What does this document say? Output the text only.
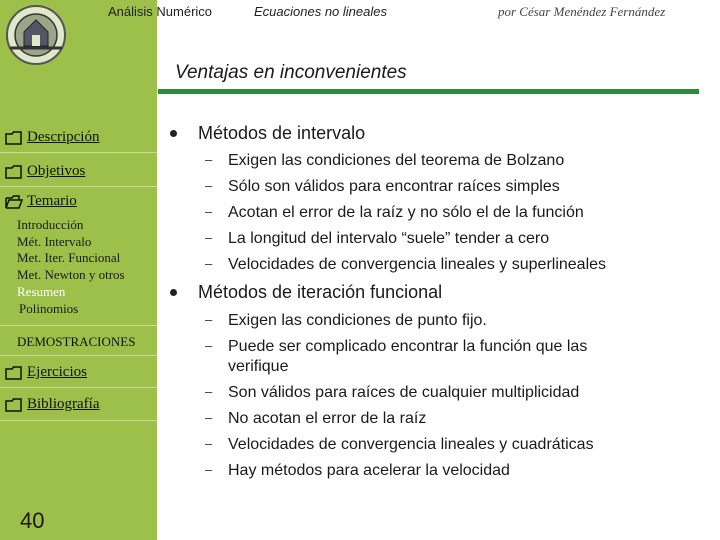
Análisis Numérico	Ecuaciones no lineales	por César Menéndez Fernández
Ventajas en inconvenientes
Descripción
Objetivos
Temario
Introducción
Mét. Intervalo
Met. Iter. Funcional
Met. Newton y otros
Resumen
Polinomios
DEMOSTRACIONES
Ejercicios
Bibliografía
40
Métodos de intervalo
– Exigen las condiciones del teorema de Bolzano
– Sólo son válidos para encontrar raíces simples
– Acotan el error de la raíz y no sólo el de la función
– La longitud del intervalo “suele” tender a cero
– Velocidades de convergencia lineales y superlineales
Métodos de iteración funcional
– Exigen las condiciones de punto fijo.
– Puede ser complicado encontrar la función que las
verifique
– Son válidos para raíces de cualquier multiplicidad
– No acotan el error de la raíz
– Velocidades de convergencia lineales y cuadráticas
– Hay métodos para acelerar la velocidad
